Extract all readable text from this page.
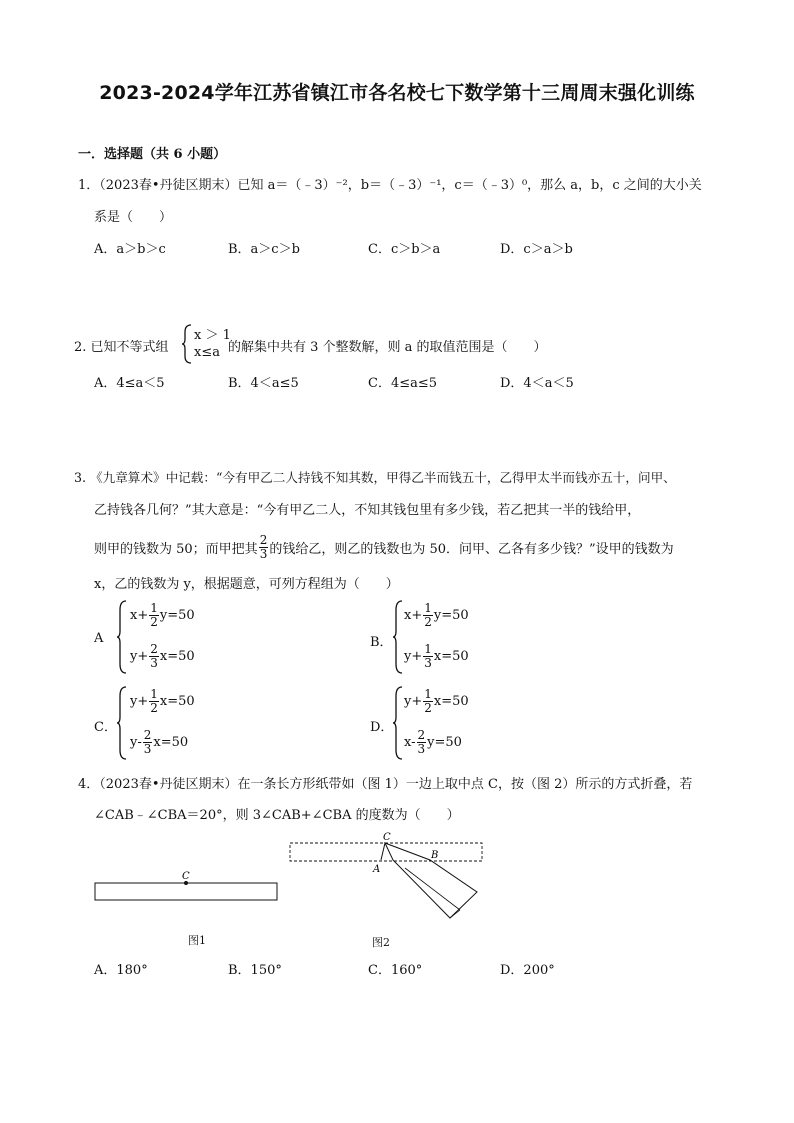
2023-2024学年江苏省镇江市各名校七下数学第十三周周末强化训练
一．选择题（共 6 小题）
1．（2023春•丹徒区期末）已知 a＝（﹣3）⁻²，b＝（﹣3）⁻¹，c＝（﹣3）⁰，那么 a，b，c 之间的大小关
系是（　　）
A．a＞b＞c	B．a＞c＞b	C．c＞b＞a	D．c＞a＞b
2. 已知不等式组
x ＞ 1
x≤a 的解集中共有 3 个整数解，则 a 的取值范围是（　　）
A．4≤a＜5	B．4＜a≤5	C．4≤a≤5	D．4＜a＜5
3. 《九章算术》中记载：“今有甲乙二人持钱不知其数，甲得乙半而钱五十，乙得甲太半而钱亦五十，问甲、
乙持钱各几何？”其大意是：“今有甲乙二人，不知其钱包里有多少钱，若乙把其一半的钱给甲，
则甲的钱数为 50；而甲把其 $\frac{2}{3}$ 的钱给乙，则乙的钱数也为 50．问甲、乙各有多少钱？”设甲的钱数为
x，乙的钱数为 y，根据题意，可列方程组为（　　）
A
$x+ \frac{1}{2} y=50$
$y+ \frac{2}{3} x=50$
B．
$x+ \frac{1}{2} y=50$
$y+ \frac{1}{3} x=50$
C．
$y+ \frac{1}{2} x=50$
$y- \frac{2}{3} x=50$
D．
$y+ \frac{1}{2} x=50$
$x- \frac{2}{3} y=50$
4．（2023春•丹徒区期末）在一条长方形纸带如（图 1）一边上取中点 C，按（图 2）所示的方式折叠，若
∠CAB﹣∠CBA＝20°，则 3∠CAB+∠CBA 的度数为（　　）
C
图1
C
A
B
图2
A．180°	B．150°	C．160°	D．200°
